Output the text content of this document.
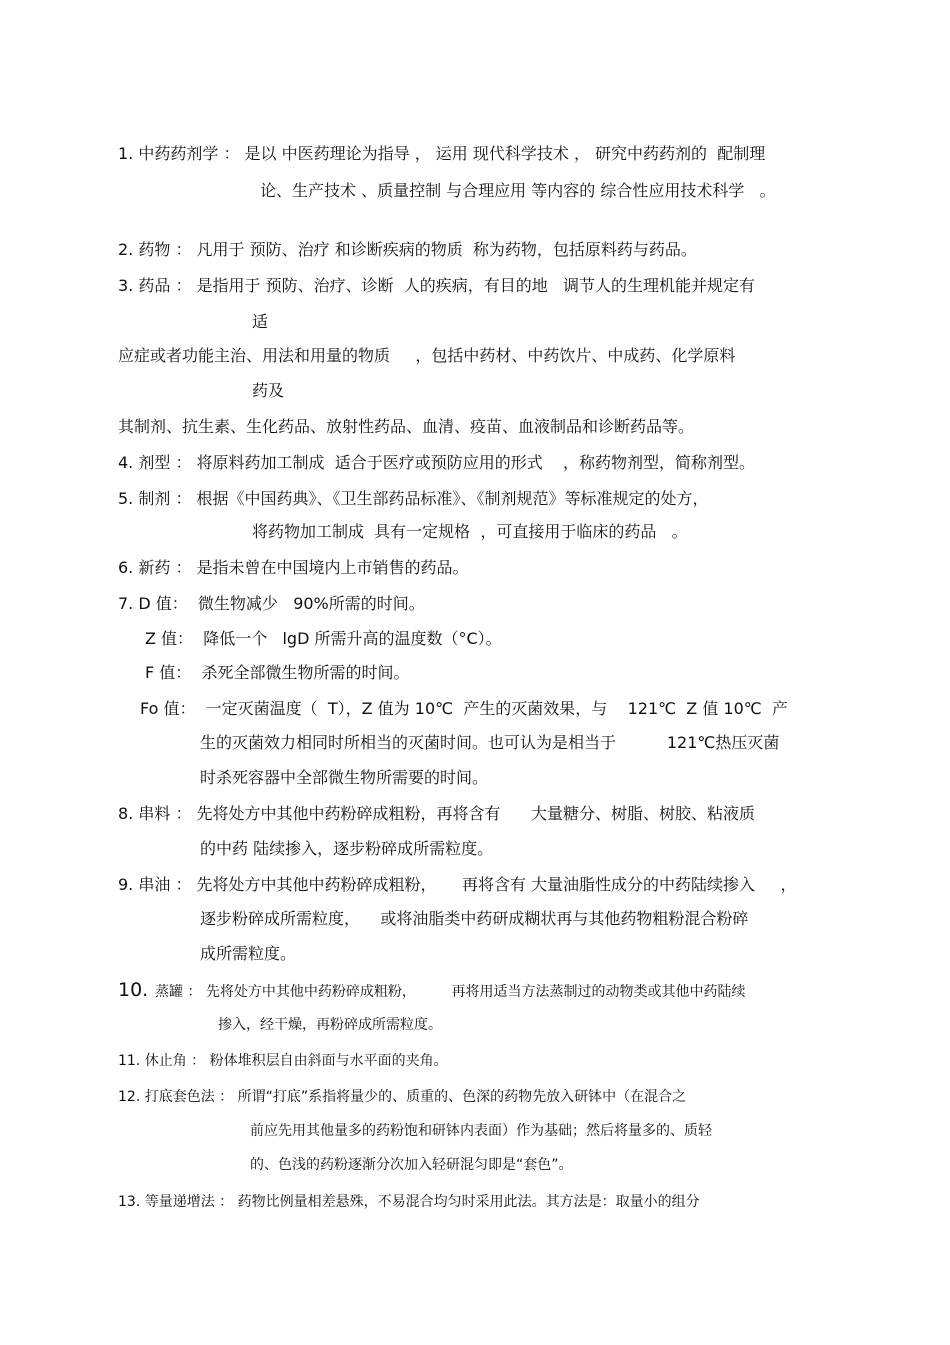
1. 中药药剂学 ： 是以 中医药理论为指导 ， 运用 现代科学技术 ， 研究中药药剂的  配制理
论、生产技术 、质量控制 与合理应用 等内容的 综合性应用技术科学   。
2. 药物 ： 凡用于 预防、治疗 和诊断疾病的物质  称为药物，包括原料药与药品。
3. 药品 ： 是指用于 预防、治疗、诊断  人的疾病，有目的地   调节人的生理机能并规定有
适
应症或者功能主治、用法和用量的物质     ，包括中药材、中药饮片、中成药、化学原料
药及
其制剂、抗生素、生化药品、放射性药品、血清、疫苗、血液制品和诊断药品等。
4. 剂型 ： 将原料药加工制成  适合于医疗或预防应用的形式    ，称药物剂型，简称剂型。
5. 制剂 ： 根据《中国药典》、《卫生部药品标准》、《制剂规范》等标准规定的处方，
将药物加工制成  具有一定规格  ，可直接用于临床的药品   。
6. 新药 ： 是指未曾在中国境内上市销售的药品。
7. D 值：  微生物减少   90%所需的时间。
Z 值：  降低一个   lgD 所需升高的温度数（°C）。
F 值：  杀死全部微生物所需的时间。
Fo 值：  一定灭菌温度（  T），Z 值为 10℃  产生的灭菌效果，与    121℃  Z 值 10℃  产
生的灭菌效力相同时所相当的灭菌时间。也可认为是相当于          121℃热压灭菌
时杀死容器中全部微生物所需要的时间。
8. 串料 ： 先将处方中其他中药粉碎成粗粉，再将含有      大量糖分、树脂、树胶、粘液质
的中药 陆续掺入，逐步粉碎成所需粒度。
9. 串油 ： 先将处方中其他中药粉碎成粗粉，     再将含有 大量油脂性成分的中药陆续掺入     ，
逐步粉碎成所需粒度，    或将油脂类中药研成糊状再与其他药物粗粉混合粉碎
成所需粒度。
10. 蒸罐 ： 先将处方中其他中药粉碎成粗粉，        再将用适当方法蒸制过的动物类或其他中药陆续
掺入，经干燥，再粉碎成所需粒度。
11. 休止角 ： 粉体堆积层自由斜面与水平面的夹角。
12. 打底套色法 ： 所谓“打底”系指将量少的、质重的、色深的药物先放入研钵中（在混合之
前应先用其他量多的药粉饱和研钵内表面）作为基础；然后将量多的、质轻
的、色浅的药粉逐渐分次加入轻研混匀即是“套色”。
13. 等量递增法 ： 药物比例量相差悬殊，不易混合均匀时采用此法。其方法是：取量小的组分
